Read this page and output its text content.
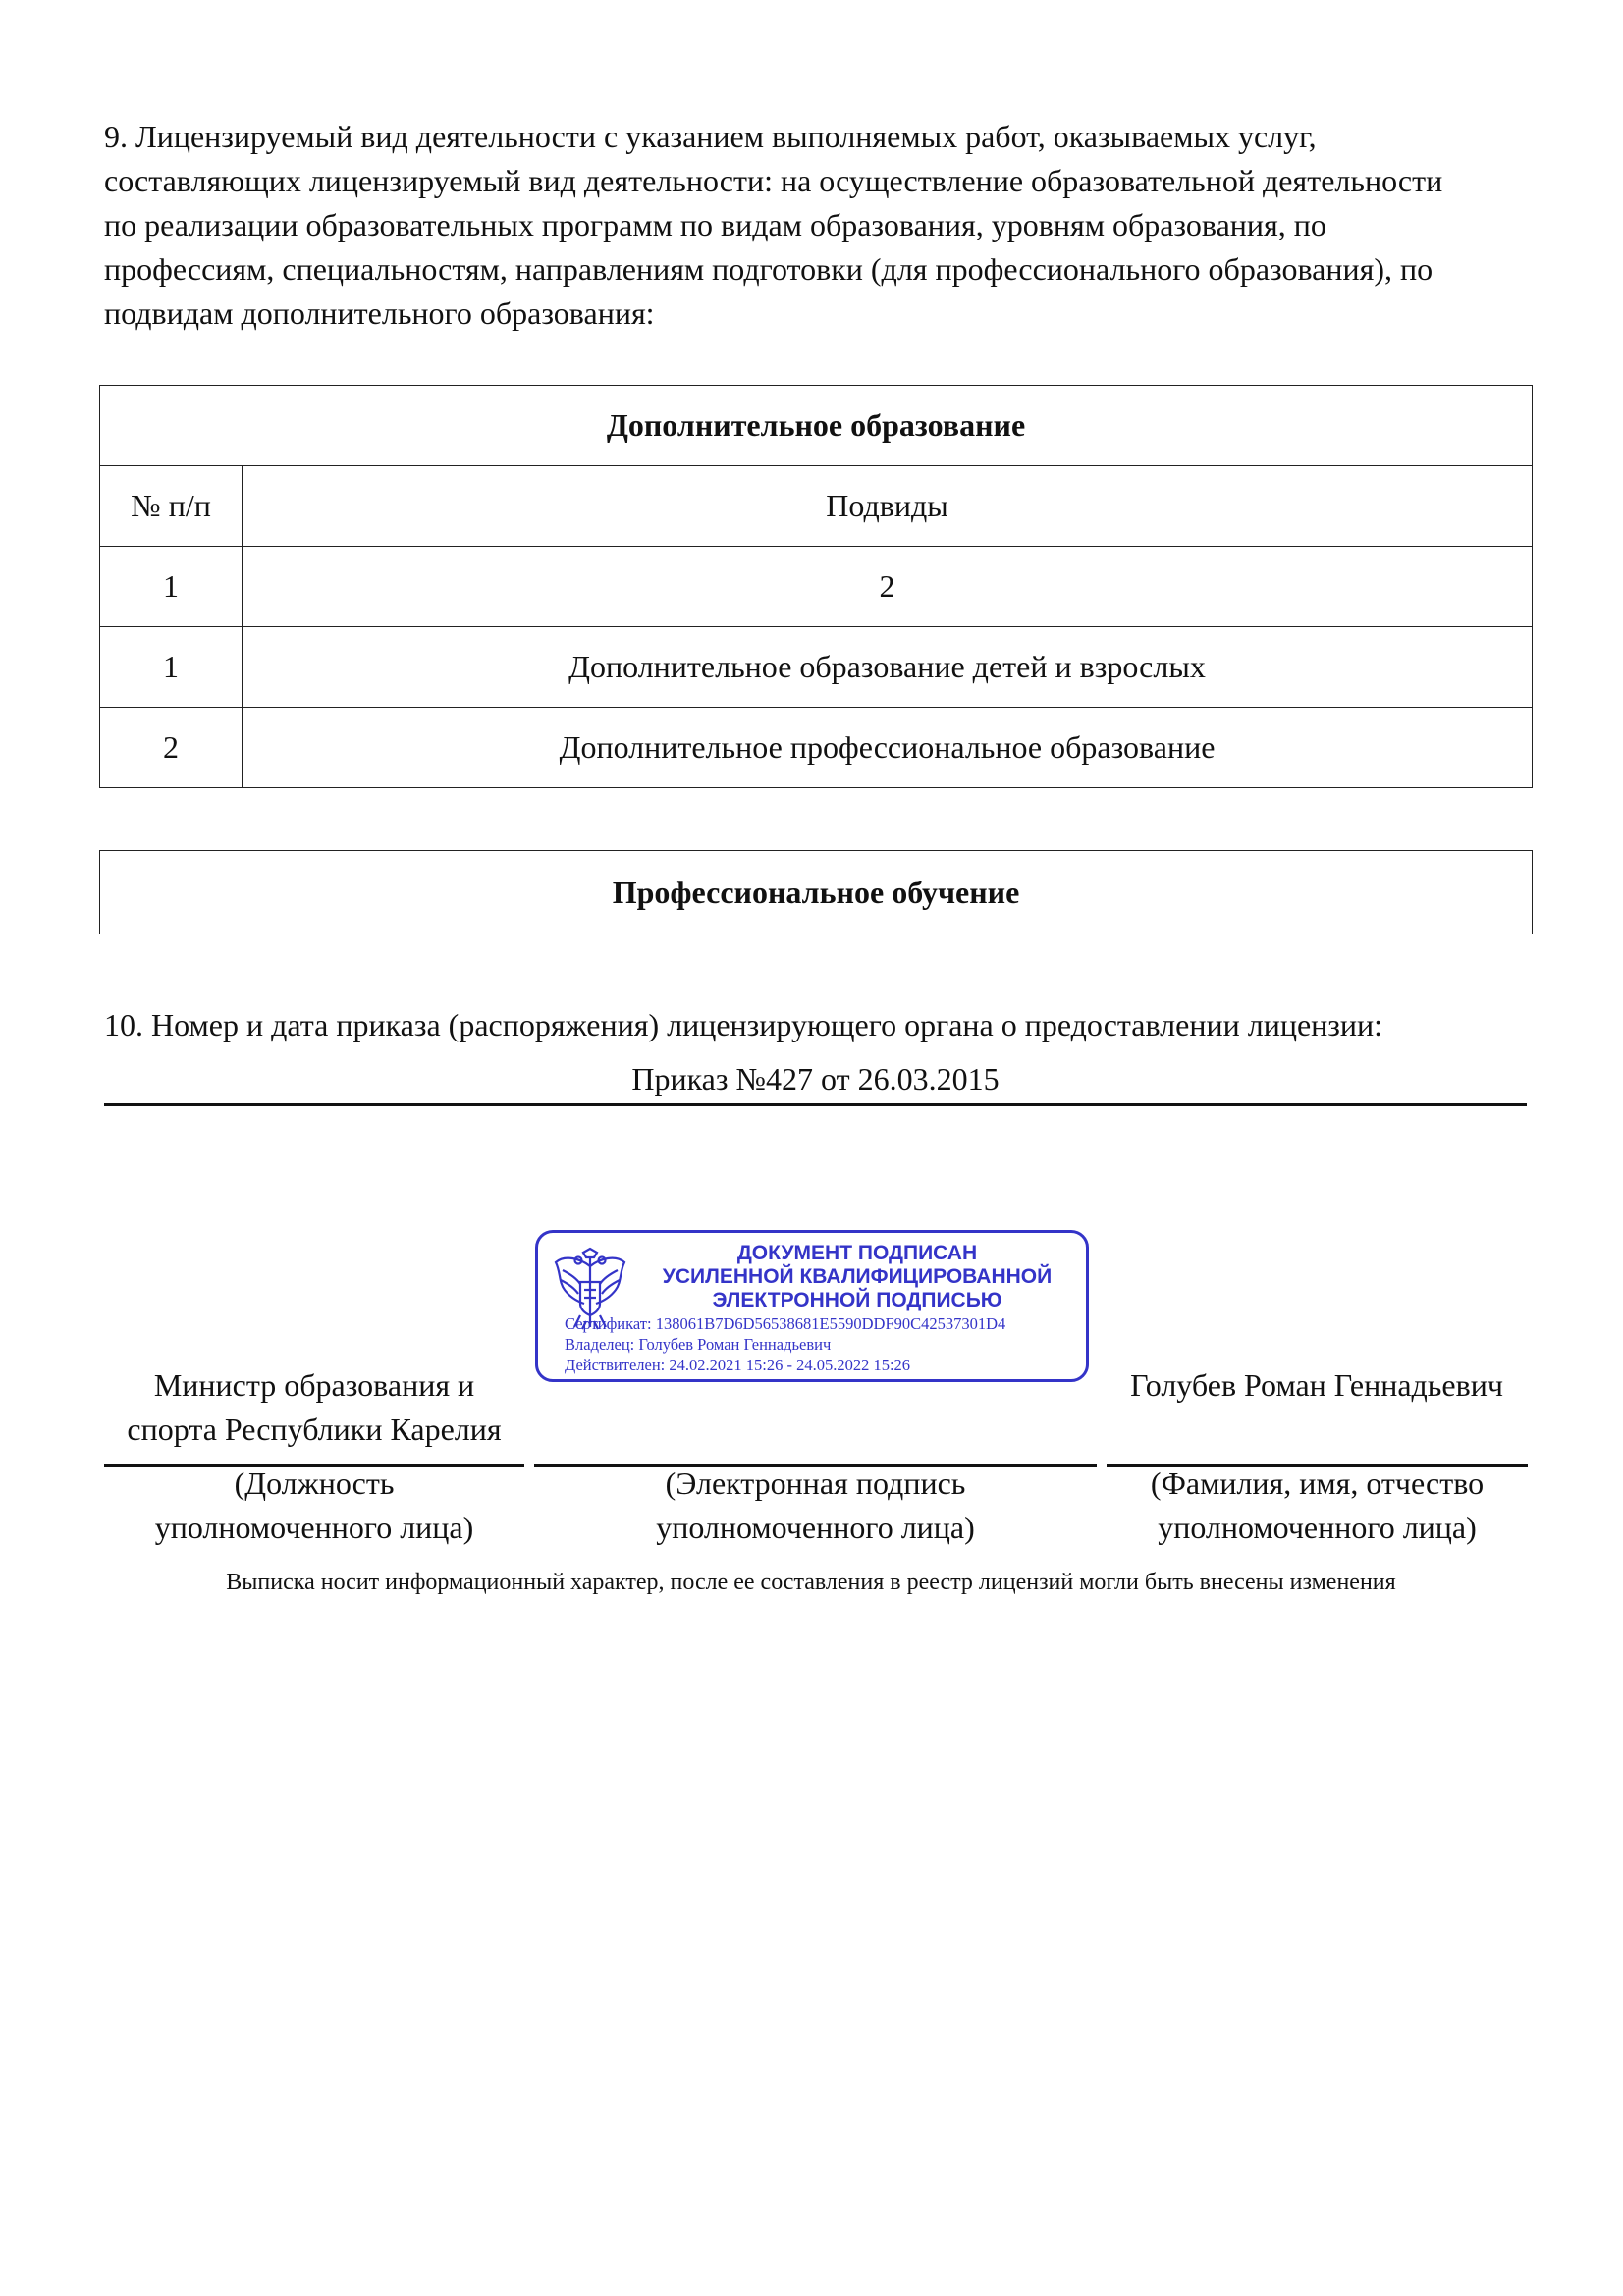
9. Лицензируемый вид деятельности с указанием выполняемых работ, оказываемых услуг,
составляющих лицензируемый вид деятельности: на осуществление образовательной деятельности
по реализации образовательных программ по видам образования, уровням образования, по
профессиям, специальностям, направлениям подготовки (для профессионального образования), по
подвидам дополнительного образования:
Дополнительное образование	
№ п/п	Подвиды
1	2
1	Дополнительное образование детей и взрослых
2	Дополнительное профессиональное образование
Профессиональное обучение
10. Номер и дата приказа (распоряжения) лицензирующего органа о предоставлении лицензии:
Приказ №427 от 26.03.2015
ДОКУМЕНТ ПОДПИСАН
УСИЛЕННОЙ КВАЛИФИЦИРОВАННОЙ
ЭЛЕКТРОННОЙ ПОДПИСЬЮ
Сертификат: 138061B7D6D56538681E5590DDF90C42537301D4
Владелец: Голубев Роман Геннадьевич
Действителен: 24.02.2021 15:26 - 24.05.2022 15:26
Министр образования и
спорта Республики Карелия
Голубев Роман Геннадьевич
(Должность
уполномоченного лица)
(Электронная подпись
уполномоченного лица)
(Фамилия, имя, отчество
уполномоченного лица)
Выписка носит информационный характер, после ее составления в реестр лицензий могли быть внесены изменения
